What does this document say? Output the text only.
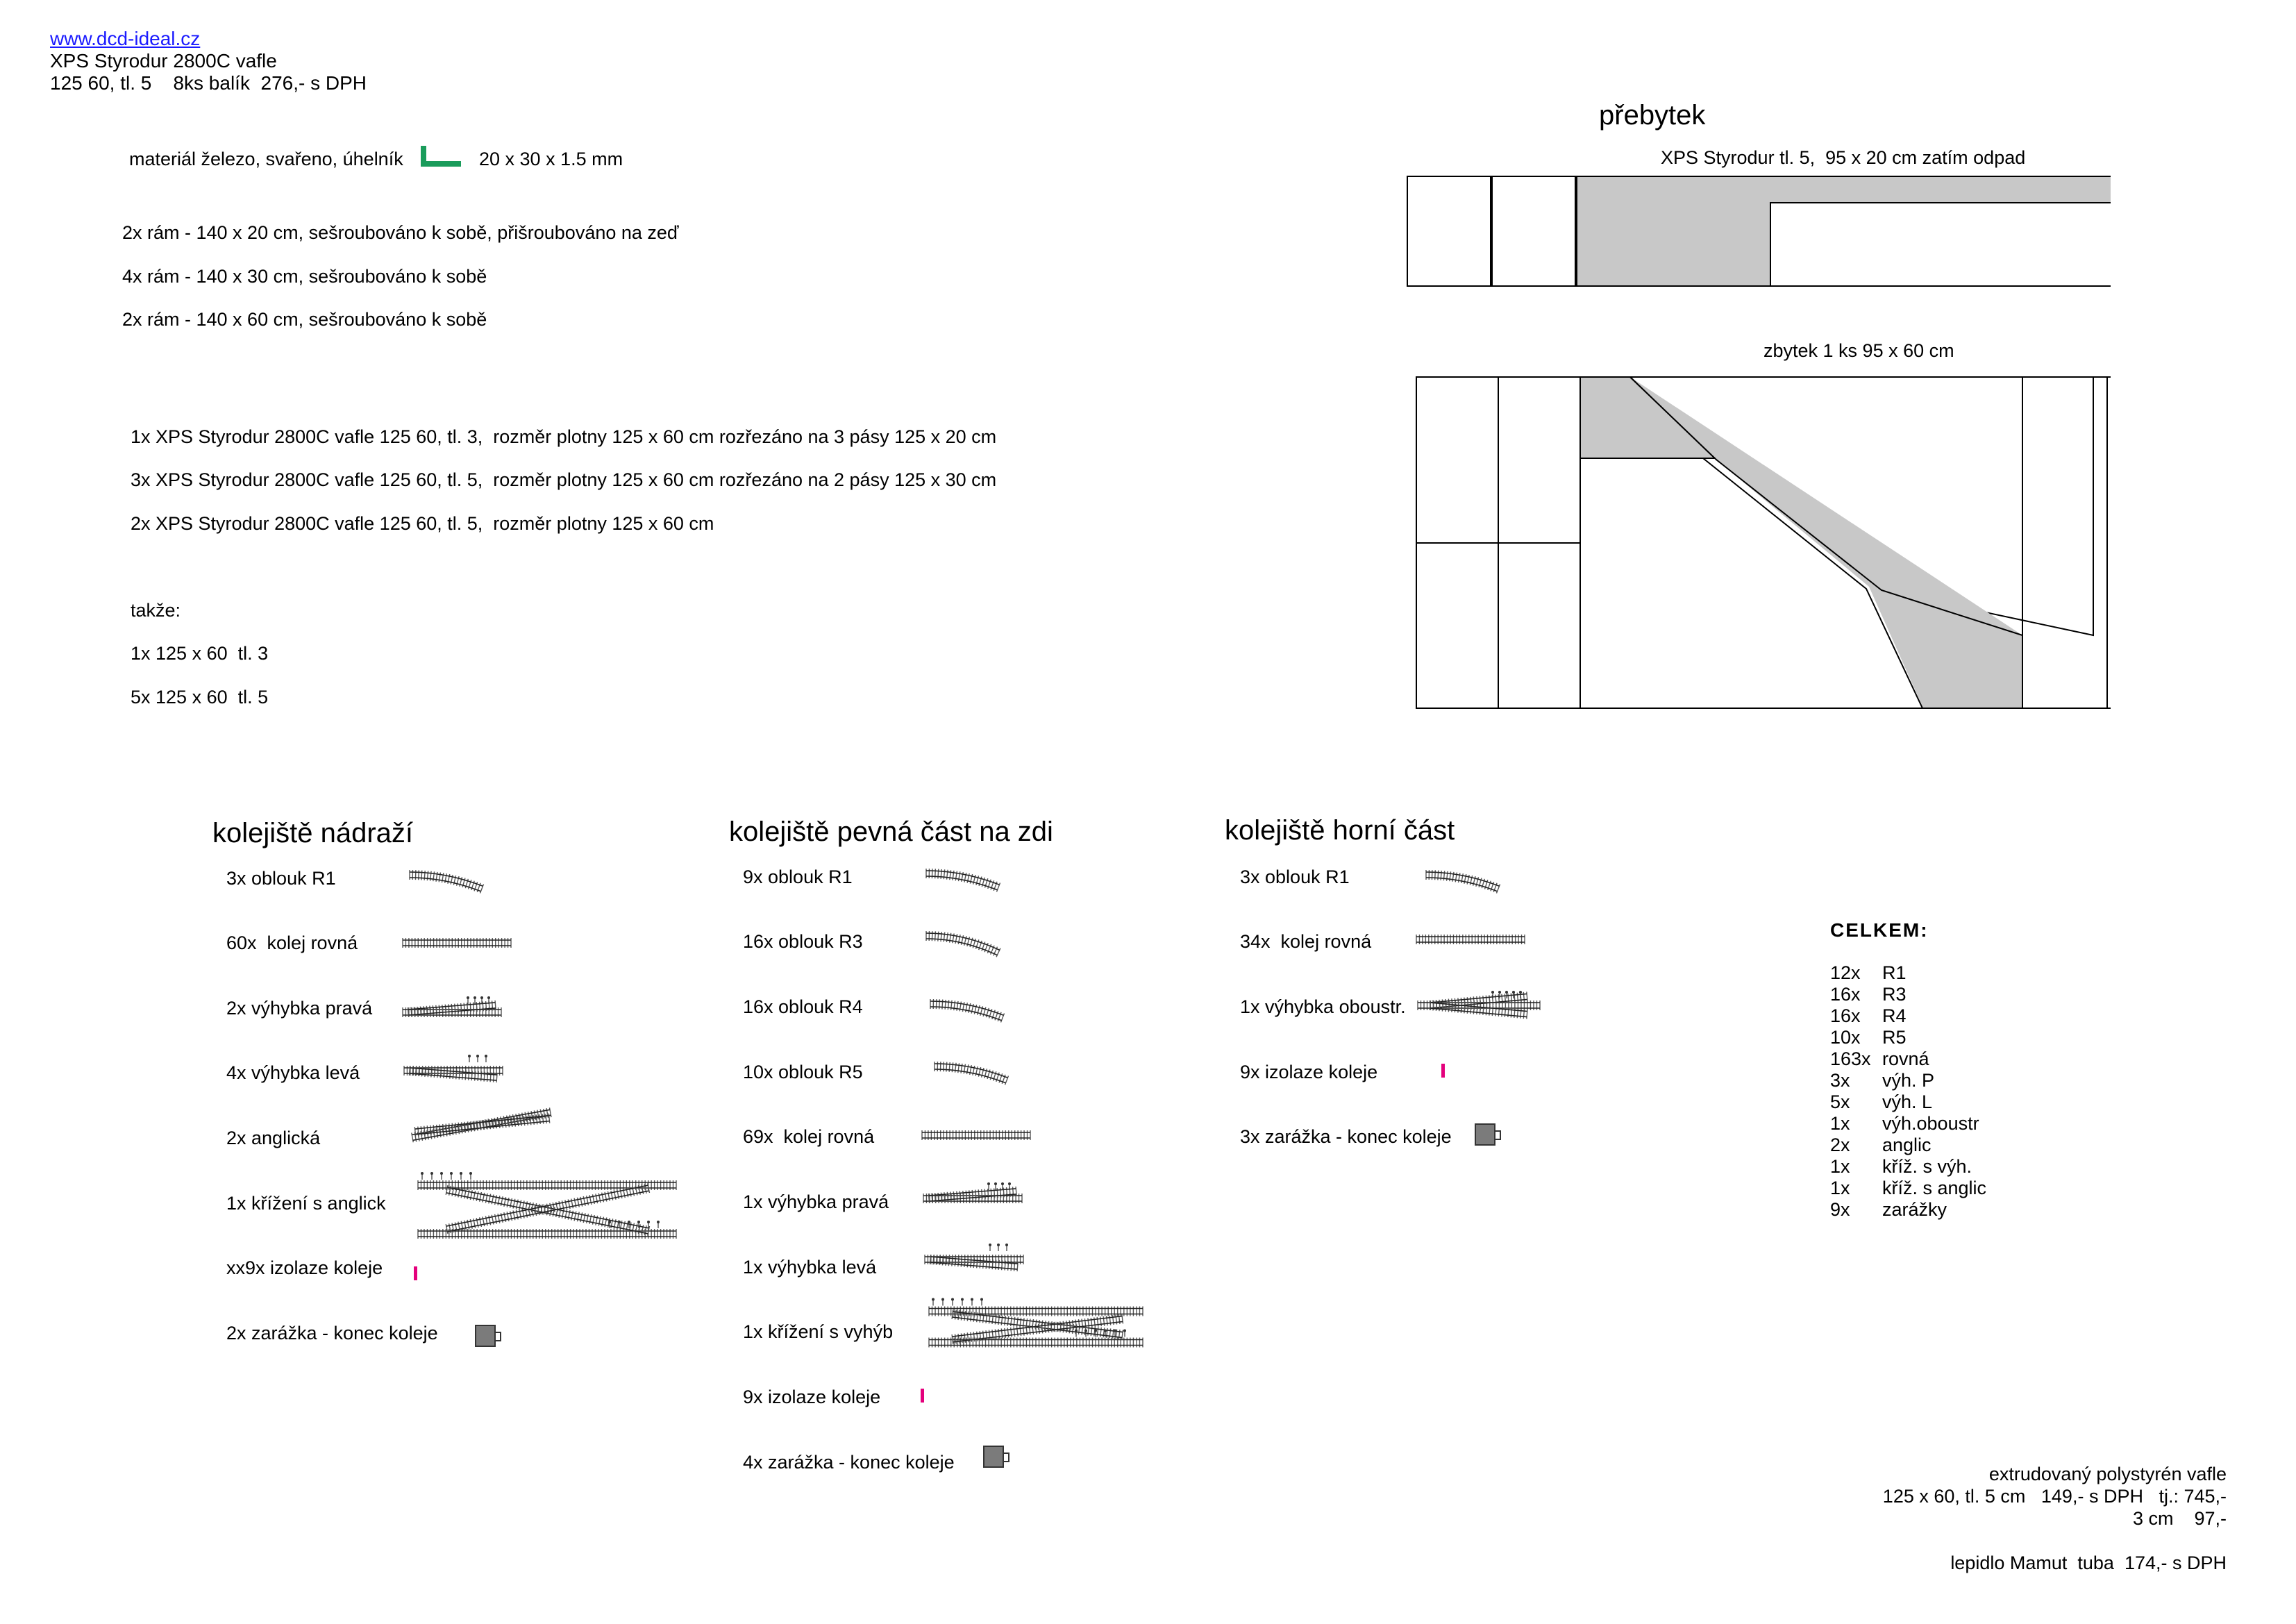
www.dcd-ideal.cz
XPS Styrodur 2800C vafle
125 60, tl. 5    8ks balík  276,- s DPH
materiál železo, svařeno, úhelník

	20 x 30 x 1.5 mm
2x rám - 140 x 20 cm, sešroubováno k sobě, přišroubováno na zeď
4x rám - 140 x 30 cm, sešroubováno k sobě
2x rám - 140 x 60 cm, sešroubováno k sobě
1x XPS Styrodur 2800C vafle 125 60, tl. 3,  rozměr plotny 125 x 60 cm rozřezáno na 3 pásy 125 x 20 cm
3x XPS Styrodur 2800C vafle 125 60, tl. 5,  rozměr plotny 125 x 60 cm rozřezáno na 2 pásy 125 x 30 cm
2x XPS Styrodur 2800C vafle 125 60, tl. 5,  rozměr plotny 125 x 60 cm
takže:
1x 125 x 60  tl. 3
5x 125 x 60  tl. 5
přebytek
XPS Styrodur tl. 5,  95 x 20 cm zatím odpad
zbytek 1 ks 95 x 60 cm
kolejiště nádraží
3x oblouk R1
60x  kolej rovná
2x výhybka pravá
4x výhybka levá
2x anglická
1x křížení s anglick
xx9x izolaze koleje
2x zarážka - konec koleje
kolejiště pevná část na zdi
9x oblouk R1
16x oblouk R3
16x oblouk R4
10x oblouk R5
69x  kolej rovná
1x výhybka pravá
1x výhybka levá
1x křížení s vyhýb
9x izolaze koleje
4x zarážka - konec koleje
kolejiště horní část
3x oblouk R1
34x  kolej rovná
1x výhybka oboustr.
9x izolaze koleje
3x zarážka - konec koleje
CELKEM:
12x	R1
16x	R3
16x	R4
10x	R5
163x rovná
3x	výh. P
5x	výh. L
1x	výh.oboustr
2x	anglic
1x	kříž. s výh.
1x	kříž. s anglic
9x	zarážky
extrudovaný polystyrén vafle
125 x 60, tl. 5 cm   149,- s DPH   tj.: 745,-
3 cm    97,-
lepidlo Mamut  tuba  174,- s DPH
